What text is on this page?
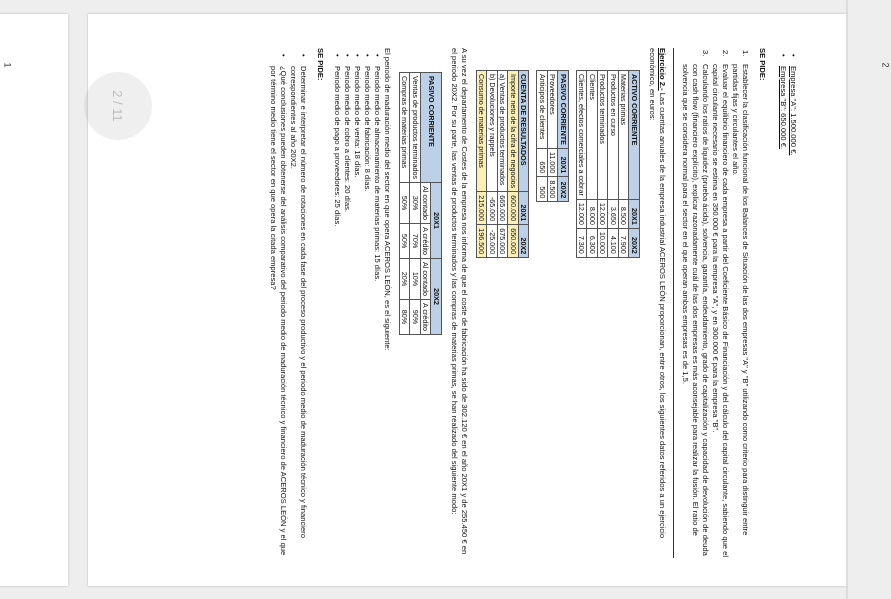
1	2
2 / 11

•
Empresa "A": 1.500.000 €.

•
Empresa "B": 650.000 €.

SE PIDE:

1.
Establecer la clasificación funcional de los Balances de Situación de las dos empresas "A" y "B" utilizando como criterio para distinguir entre partidas fijas y circulantes el año.

2.
Evaluar el equilibrio financiero de cada empresa a partir del Coeficiente Básico de Financiación y del cálculo del capital circulante, sabiendo que el capital circulante necesario se estima en 350.000 € para la empresa "A", y en 300.000 € para la empresa "B".

3.
Calculando los ratios de liquidez (prueba ácida), solvencia, garantía, endeudamiento, grado de capitalización y capacidad de devolución de deuda con cash flow (financiero explícito), explicar razonadamente cuál de las dos empresas es más aconsejable para realizar la fusión. El ratio de solvencia que se considera normal para el sector en el que operan ambas empresas es de 1,5.

Ejercicio 2.- Las cuentas anuales de la empresa industrial ACEROS LEÓN proporcionan, entre otros, los siguientes datos referidos a un ejercicio económico, en euros:

ACTIVO CORRIENTE	20X1	20X2
Materias primas	8.500	7.900
Productos en curso	3.650	4.100
Productos terminados	12.000	10.000
Clientes	8.000	6.300
Clientes, efectos comerciales a cobrar	12.000	7.300
PASIVO CORRIENTE	20X1	20X2
Proveedores	11.000	8.500
Anticipos de clientes	650	500
CUENTA DE RESULTADOS	20X1	20X2
Importe neto de la cifra de negocios	600.000	650.000
a) Ventas de productos terminados	665.000	675.000
b) Devoluciones y rappels	-65.000	-25.000
Consumo de materias primas	215.000	196.500

A su vez el departamento de Costes de la empresa nos informa de que el coste de fabricación ha sido de 302.120 € en el año 20X1 y de 255.450 € en el periodo 20X2. Por su parte, las ventas de productos terminados y las compras de materias primas, se han realizado del siguiente modo:

PASIVO CORRIENTE	20X1		20X2	
	Al contado	A crédito	Al contado	A crédito
Ventas de productos terminados	30%	70%	10%	90%
Compras de materias primas	50%	50%	20%	80%

El periodo de maduración medio del sector en que opera ACEROS LEÓN, es el siguiente:

•
Periodo medio de almacenamiento de materias primas: 15 días.

•
Periodo medio de fabricación: 8 días.

•
Periodo medio de venta: 18 días.

•
Periodo medio de cobro a clientes: 20 días.

•
Periodo medio de pago a proveedores: 25 días.

SE PIDE:

•
Determinar e interpretar el número de rotaciones en cada fase del proceso productivo y el periodo medio de maduración técnico y financiero correspondientes al año 20X2.

•
¿Qué conclusiones pueden obtenerse del análisis comparativo del periodo medio de maduración técnico y financiero de ACEROS LEÓN y el que por término medio tiene el sector en que opera la citada empresa?
